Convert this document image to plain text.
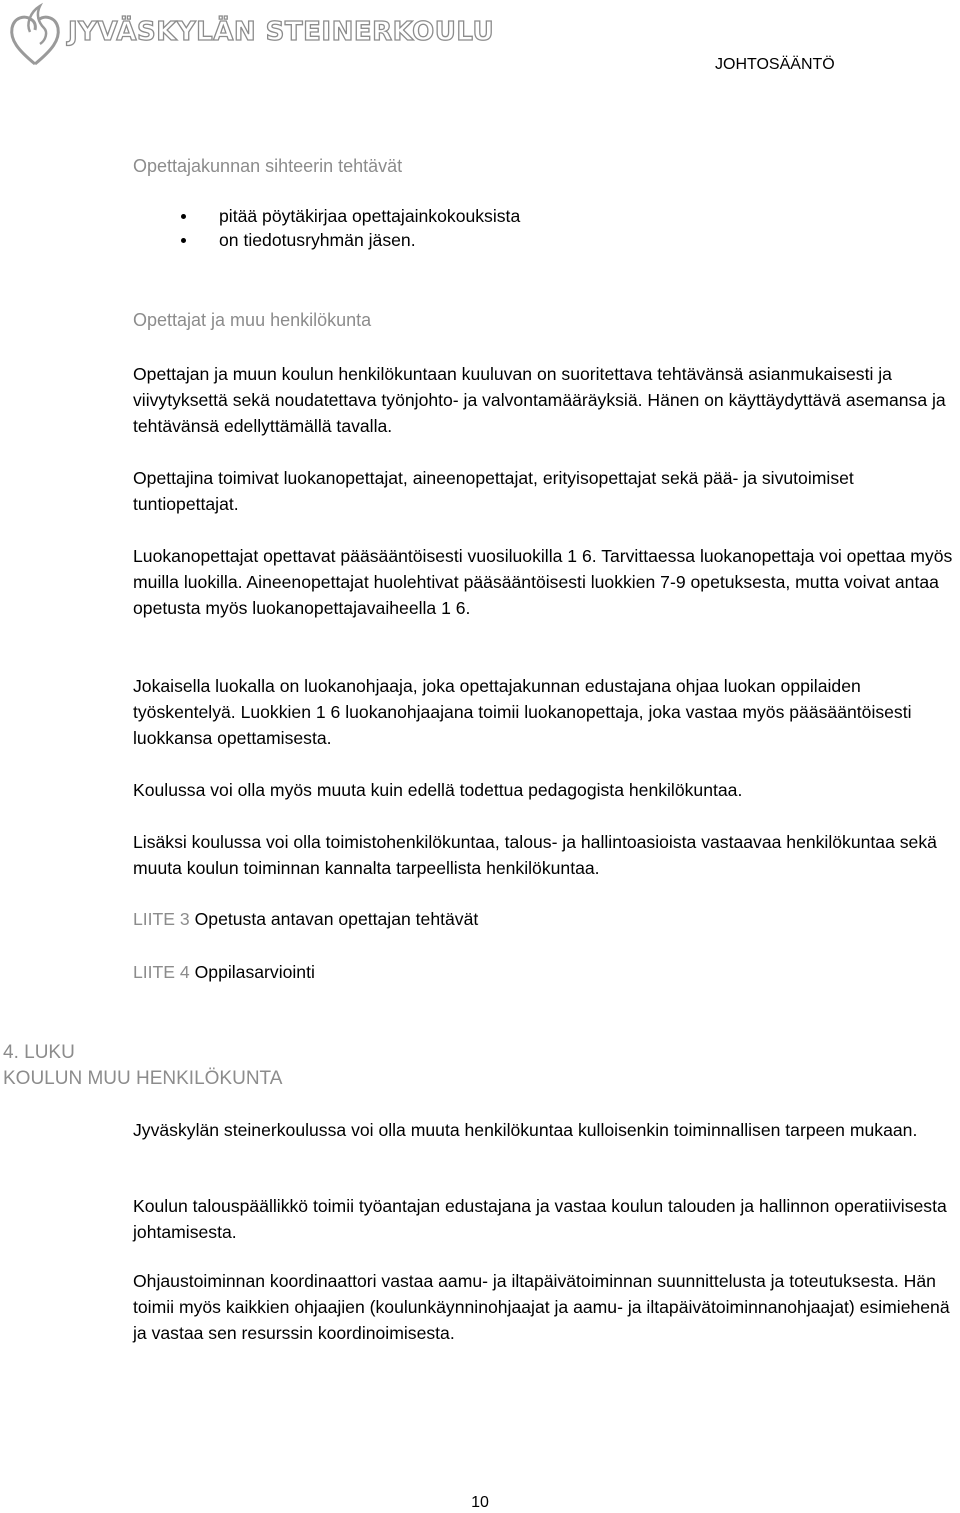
JYVÄSKYLÄN STEINERKOULU
Opettajakunnan sihteerin tehtävät
pitää pöytäkirjaa opettajainkokouksista
on tiedotusryhmän jäsen.
Opettajat ja muu henkilökunta

Opettajan ja muun koulun henkilökuntaan kuuluvan on suoritettava tehtävänsä asianmukaisesti ja viivytyksettä sekä noudatettava työnjohto- ja valvontamääräyksiä. Hänen on käyttäydyttävä asemansa ja tehtävänsä edellyttämällä tavalla.

Opettajina toimivat luokanopettajat, aineenopettajat, erityisopettajat sekä pää- ja sivutoimiset tuntiopettajat.

Luokanopettajat opettavat pääsääntöisesti vuosiluokilla 1 6. Tarvittaessa luokanopettaja voi opettaa myös muilla luokilla. Aineenopettajat huolehtivat pääsääntöisesti luokkien 7-9 opetuksesta, mutta voivat antaa opetusta myös luokanopettajavaiheella 1 6.

Jokaisella luokalla on luokanohjaaja, joka opettajakunnan edustajana ohjaa luokan oppilaiden työskentelyä. Luokkien 1 6 luokanohjaajana toimii luokanopettaja, joka vastaa myös pääsääntöisesti luokkansa opettamisesta.

Koulussa voi olla myös muuta kuin edellä todettua pedagogista henkilökuntaa.

Lisäksi koulussa voi olla toimistohenkilökuntaa, talous- ja hallintoasioista vastaavaa henkilökuntaa sekä muuta koulun toiminnan kannalta tarpeellista henkilökuntaa.

LIITE 3 Opetusta antavan opettajan tehtävät
LIITE 4 Oppilasarviointi
4. LUKU
KOULUN MUU HENKILÖKUNTA

Jyväskylän steinerkoulussa voi olla muuta henkilökuntaa kulloisenkin toiminnallisen tarpeen mukaan.

Koulun talouspäällikkö toimii työantajan edustajana ja vastaa koulun talouden ja hallinnon operatiivisesta johtamisesta.

Ohjaustoiminnan koordinaattori vastaa aamu- ja iltapäivätoiminnan suunnittelusta ja toteutuksesta. Hän toimii myös kaikkien ohjaajien (koulunkäynninohjaajat ja aamu- ja iltapäivätoiminnanohjaajat) esimiehenä ja vastaa sen resurssin koordinoimisesta.

10
JOHTOSÄÄNTÖ
